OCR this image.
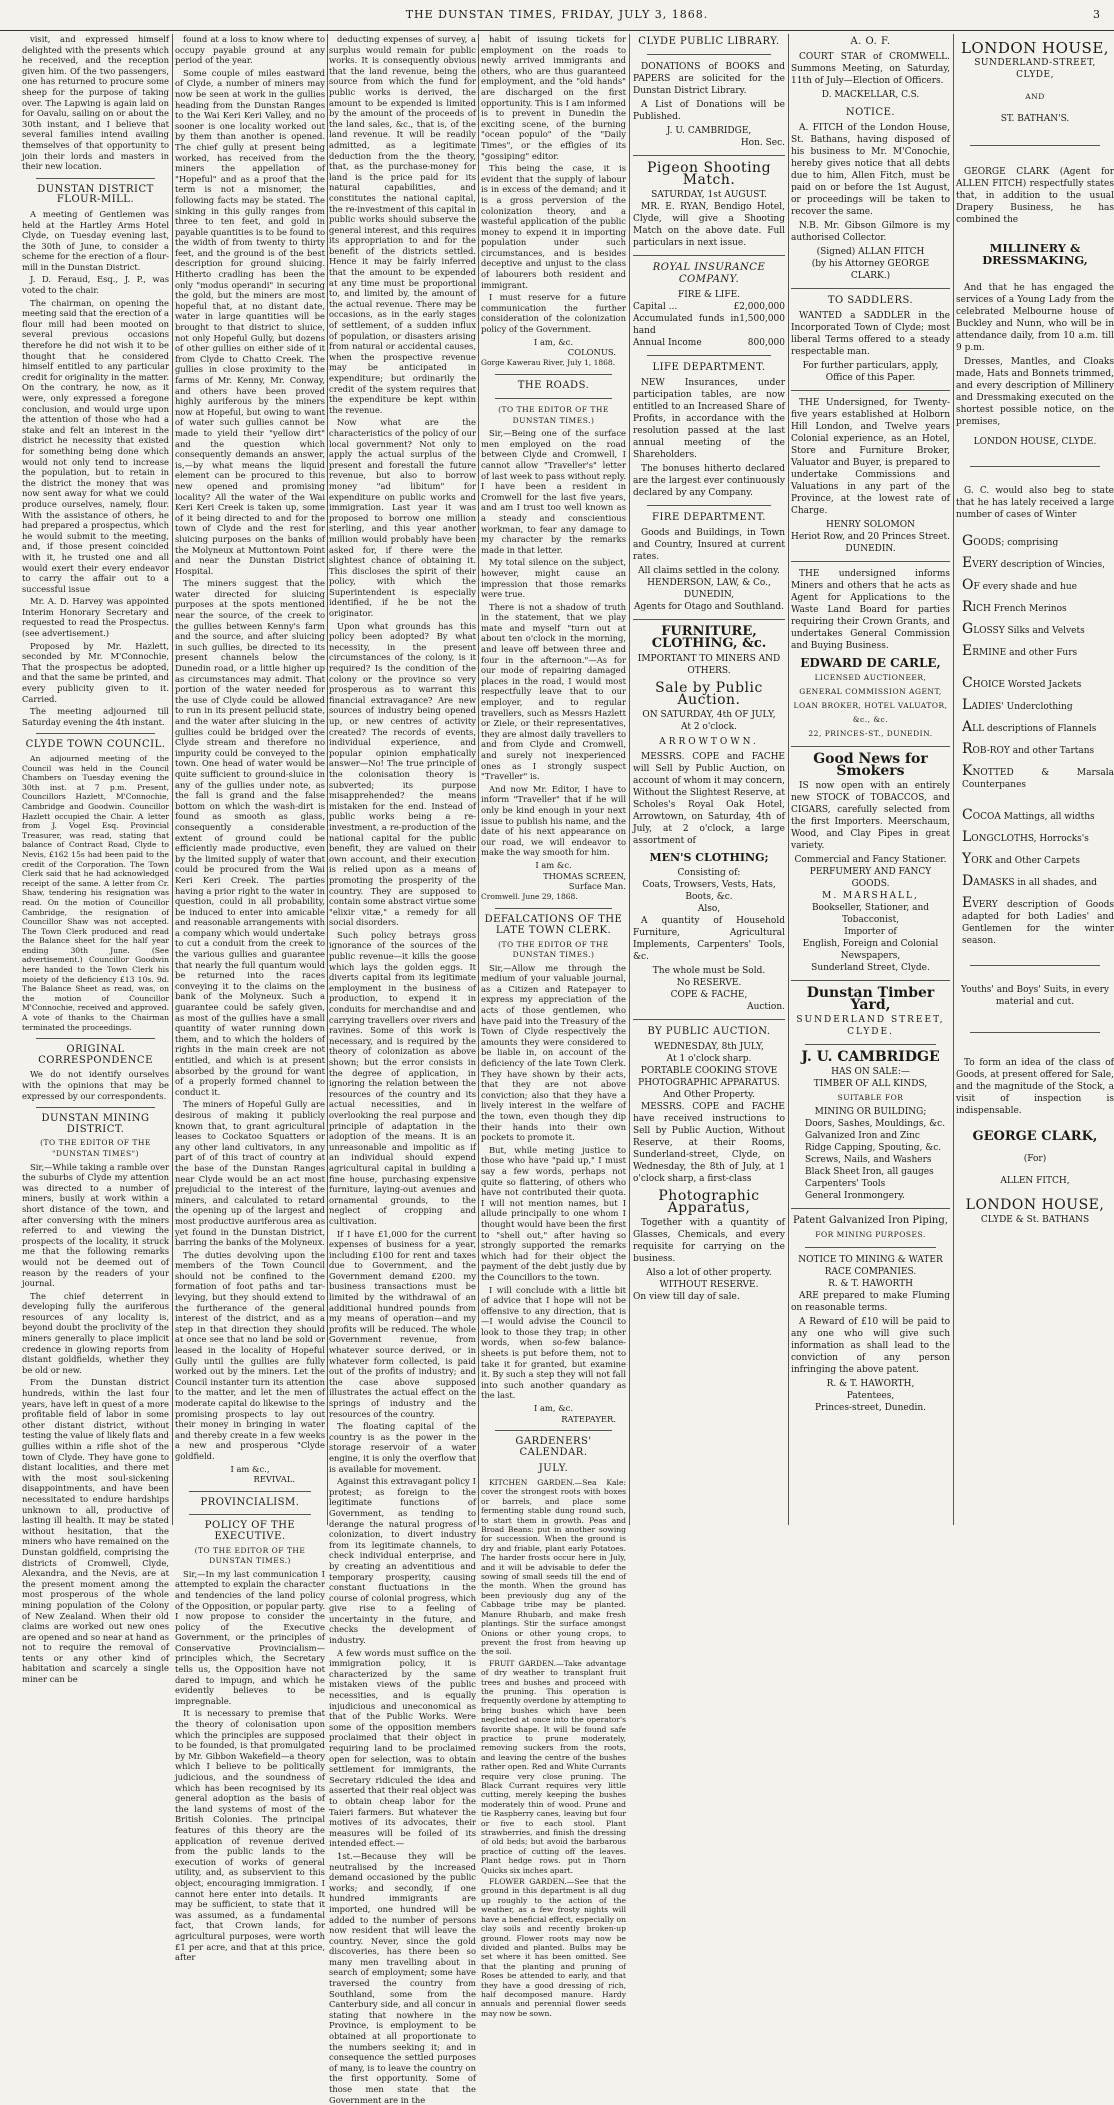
THE DUNSTAN TIMES, FRIDAY, JULY 3, 1868.	3

visit, and expressed himself delighted with the presents which he received, and the reception given him. Of the two passengers, one has returned to procure some sheep for the purpose of taking over. The Lapwing is again laid on for Oavalu, sailing on or about the 30th instant, and I believe that several families intend availing themselves of that opportunity to join their lords and masters in their new location.

DUNSTAN DISTRICT FLOUR-MILL.

A meeting of Gentlemen was held at the Hartley Arms Hotel Clyde, on Tuesday evening last, the 30th of June, to consider a scheme for the erection of a flour-mill in the Dunstan District.

J. D. Feraud, Esq., J. P., was voted to the chair.

The chairman, on opening the meeting said that the erection of a flour mill had been mooted on several previous occasions therefore he did not wish it to be thought that he considered himself entitled to any particular credit for originality in the matter. On the contrary, he now, as it were, only expressed a foregone conclusion, and would urge upon the attention of those who had a stake and felt an interest in the district he necessity that existed for something being done which would not only tend to increase the population, but to retain in the district the money that was now sent away for what we could produce ourselves, namely, flour. With the assistance of others, he had prepared a prospectus, which he would submit to the meeting, and, if those present coincided with it, he trusted one and all would exert their every endeavor to carry the affair out to a successful issue

Mr. A. D. Harvey was appointed Interim Honorary Secretary and requested to read the Prospectus. (see advertisement.)

Proposed by Mr. Hazlett, seconded by Mr. M'Connochie, That the prospectus be adopted, and that the same be printed, and every publicity given to it. Carried.

The meeting adjourned till Saturday evening the 4th instant.

CLYDE TOWN COUNCIL.

An adjourned meeting of the Council was held in the Council Chambers on Tuesday evening the 30th inst. at 7 p.m. Present, Councillors Hazlett, M'Connochie, Cambridge and Goodwin. Councillor Hazlett occupied the Chair. A letter from J. Vogel Esq. Provincial Treasurer, was read, stating that balance of Contract Road, Clyde to Nevis, £162 15s had been paid to the credit of the Corporation. The Town Clerk said that he had acknowledged receipt of the same. A letter from Cr. Shaw, tendering his resignation was read. On the motion of Councillor Cambridge, the resignation of Councillor Shaw was not accepted. The Town Clerk produced and read the Balance sheet for the half year ending 30th June. (See advertisement.) Councillor Goodwin here handed to the Town Clerk his moiety of the deficiency £13 10s. 9d. The Balance Sheet as read, was, on the motion of Councillor M'Connochie, received and approved. A vote of thanks to the Chairman terminated the proceedings.

ORIGINAL CORRESPONDENCE

We do not identify ourselves with the opinions that may be expressed by our correspondents.

DUNSTAN MINING DISTRICT.
(TO THE EDITOR OF THE "DUNSTAN TIMES")

Sir,—While taking a ramble over the suburbs of Clyde my attention was directed to a number of miners, busily at work within a short distance of the town, and after conversing with the miners referred to and viewing the prospects of the locality, it struck me that the following remarks would not be deemed out of reason by the readers of your journal.

The chief deterrent in developing fully the auriferous resources of any locality is, beyond doubt the proclivity of the miners generally to place implicit credence in glowing reports from distant goldfields, whether they be old or new.

From the Dunstan district hundreds, within the last four years, have left in quest of a more profitable field of labor in some other distant district, without testing the value of likely flats and gullies within a rifle shot of the town of Clyde. They have gone to distant localities, and there met with the most soul-sickening disappointments, and have been necessitated to endure hardships unknown to all, productive of lasting ill health. It may be stated without hesitation, that the miners who have remained on the Dunstan goldfield, comprising the districts of Cromwell, Clyde, Alexandra, and the Nevis, are at the present moment among the most prosperous of the whole mining population of the Colony of New Zealand. When their old claims are worked out new ones are opened and so near at hand as not to require the removal of tents or any other kind of habitation and scarcely a single miner can be

found at a loss to know where to occupy payable ground at any period of the year.

Some couple of miles eastward of Clyde, a number of miners may now be seen at work in the gullies heading from the Dunstan Ranges to the Wai Keri Keri Valley, and no sooner is one locality worked out by them than another is opened. The chief gully at present being worked, has received from the miners the appellation of "Hopeful" and as a proof that the term is not a misnomer, the following facts may be stated. The sinking in this gully ranges from three to ten feet, and gold in payable quantities is to be found to the width of from twenty to thirty feet, and the ground is of the best description for ground sluicing. Hitherto cradling has been the only "modus operandi" in securing the gold, but the miners are most hopeful that, at no distant date, water in large quantities will be brought to that district to sluice, not only Hopeful Gully, but dozens of other gullies on either side of it from Clyde to Chatto Creek. The gullies in close proximity to the farms of Mr. Kenny, Mr. Conway, and others have been proved highly auriferous by the miners now at Hopeful, but owing to want of water such gullies cannot be made to yield their "yellow dirt" and the question which consequently demands an answer, is,—by what means the liquid element can be procured to this new opened and promising locality? All the water of the Wai Keri Keri Creek is taken up, some of it being directed to and for the town of Clyde and the rest for sluicing purposes on the banks of the Molyneux at Muttontown Point and near the Dunstan District Hospital.

The miners suggest that the water directed for sluicing purposes at the spots mentioned near the source, of the creek to the gullies between Kenny's farm and the source, and after sluicing in such gullies, be directed to its present channels below the Dunedin road, or a little higher up as circumstances may admit. That portion of the water needed for the use of Clyde could be allowed to run in its present pellucid state, and the water after sluicing in the gullies could be bridged over the Clyde stream and therefore no impurity could be conveyed to the town. One head of water would be quite sufficient to ground-sluice in any of the gullies under note, as the fall is grand and the false bottom on which the wash-dirt is found as smooth as glass, consequently a considerable extent of ground could be efficiently made productive, even by the limited supply of water that could be procured from the Wai Keri Keri Creek. The parties having a prior right to the water in question, could in all probability, be induced to enter into amicable and reasonable arrangements with a company which would undertake to cut a conduit from the creek to the various gullies and guarantee that nearly the full quantum would be returned into the races conveying it to the claims on the bank of the Molyneux. Such a guarantee could be safely given, as most of the gullies have a small quantity of water running down them, and to which the holders of rights in the main creek are not entitled, and which is at present absorbed by the ground for want of a properly formed channel to conduct it.

The miners of Hopeful Gully are desirous of making it publicly known that, to grant agricultural leases to Cockatoo Squatters or any other land cultivators, in any part of of this tract of country at the base of the Dunstan Ranges near Clyde would be an act most prejudicial to the interest of the miners, and calculated to retard the opening up of the largest and most productive auriferous area as yet found in the Dunstan District, barring the banks of the Molyneux.

The duties devolving upon the members of the Town Council should not be confined to the formation of foot paths and tar-levying, but they should extend to the furtherance of the general interest of the district, and as a step in that direction they should at once see that no land be sold or leased in the locality of Hopeful Gully until the gullies are fully worked out by the miners. Let the Council instanter turn its attention to the matter, and let the men of moderate capital do likewise to the promising prospects to lay out their money in bringing in water and thereby create in a few weeks a new and prosperous "Clyde goldfield.

I am &c.,
REVIVAL.
PROVINCIALISM.
POLICY OF THE EXECUTIVE.
(TO THE EDITOR OF THE DUNSTAN TIMES.)

Sir,—In my last communication I attempted to explain the character and tendencies of the land policy of the Opposition, or popular party. I now propose to consider the policy of the Executive Government, or the principles of Conservative Provincialism—principles which, the Secretary tells us, the Opposition have not dared to impugn, and which he evidently believes to be impregnable.

It is necessary to premise that the theory of colonisation upon which the principles are supposed to be founded, is that promulgated by Mr. Gibbon Wakefield—a theory which I believe to be politically judicious, and the soundness of which has been recognised by its general adoption as the basis of the land systems of most of the British Colonies. The principal features of this theory are the application of revenue derived from the public lands to the execution of works of general utility, and, as subservient to this object, encouraging immigration. I cannot here enter into details. It may be sufficient, to state that it was assumed, as a fundamental fact, that Crown lands, for agricultural purposes, were worth £1 per acre, and that at this price, after

deducting expenses of survey, a surplus would remain for public works. It is consequently obvious that the land revenue, being the source from which the fund for public works is derived, the amount to be expended is limited by the amount of the proceeds of the land sales, &c., that is, of the land revenue. It will be readily admitted, as a legitimate deduction from the the theory, that, as the purchase-money for land is the price paid for its natural capabilities, and constitutes the national capital, the re-investment of this capital in public works should subserve the general interest, and this requires its appropriation to and for the benefit of the districts settled. Hence it may be fairly inferred that the amount to be expended at any time must be proportional to, and limited by, the amount of the actual revenue. There may be occasions, as in the early stages of settlement, of a sudden influx of population, or disasters arising from natural or accidental causes, when the prospective revenue may be anticipated in expenditure; but ordinarily the credit of the system requires that the expenditure be kept within the revenue.

Now what are the characteristics of the policy of our local government? Not only to apply the actual surplus of the present and forestall the future revenue, but also to borrow money "ad libitum" for expenditure on public works and immigration. Last year it was proposed to borrow one million sterling, and this year another million would probably have been asked for, if there were the slightest chance of obtaining it. This discloses the spirit of their policy, with which the Superintendent is especially identified, if he be not the originator.

Upon what grounds has this policy been adopted? By what necessity, in the present circumstances of the colony, is it required? Is the condition of the colony or the province so very prosperous as to warrant this financial extravagance? Are new sources of industry being opened up, or new centres of activity created? The records of events, individual experience, and popular opinion emphatically answer—No! The true principle of the colonisation theory is subverted; its purpose misapprehended? the means mistaken for the end. Instead of public works being a re-investment, a re-production of the national capital for the public benefit, they are valued on their own account, and their execution is relied upon as a means of promoting the prosperity of the country. They are supposed to contain some abstract virtue some "elixir vitæ," a remedy for all social disorders.

Such policy betrays gross ignorance of the sources of the public revenue—it kills the goose which lays the golden eggs. It diverts capital from its legitimate employment in the business of production, to expend it in conduits for merchandise and and carrying travellers over rivers and ravines. Some of this work is necessary, and is required by the theory of colonization as above shown; but the error consists in the degree of application, in ignoring the relation between the resources of the country and its actual necessities, and in overlooking the real purpose and principle of adaptation in the adoption of the means. It is an unreasonable and impolitic as if an individual should expend agricultural capital in building a fine house, purchasing expensive furniture, laying-out avenues and ornamental grounds, to the neglect of cropping and cultivation.

If I have £1,000 for the current expenses of business for a year, including £100 for rent and taxes due to Government, and the Government demand £200. my business transactions must be limited by the withdrawal of an additional hundred pounds from my means of operation—and my profits will be reduced. The whole Government revenue, from whatever source derived, or in whatever form collected, is paid out of the profits of industry; and the case above supposed illustrates the actual effect on the springs of industry and the resources of the country.

The floating capital of the country is as the power in the storage reservoir of a water engine, it is only the overflow that is available for movement.

Against this extravagant policy I protest; as foreign to the legitimate functions of Government, as tending to derange the natural progress of colonization, to divert industry from its legitimate channels, to check individual enterprise, and by creating an adventitious and temporary prosperity, causing constant fluctuations in the course of colonial progress, which give rise to a feeling of uncertainty in the future, and checks the development of industry.

A few words must suffice on the immigration policy, it is characterized by the same mistaken views of the public necessities, and is equally injudicious and uneconomical as that of the Public Works. Were some of the opposition members proclaimed that their object in requiring land to be proclaimed open for selection, was to obtain settlement for immigrants, the Secretary ridiculed the idea and asserted that their real object was to obtain cheap labor for the Taieri farmers. But whatever the motives of its advocates, their measures will be foiled of its intended effect.—

1st.—Because they will be neutralised by the increased demand occasioned by the public works; and secondly, if one hundred immigrants are imported, one hundred will be added to the number of persons now resident that will leave the country. Never, since the gold discoveries, has there been so many men travelling about in search of employment; some have traversed the country from Southland, some from the Canterbury side, and all concur in stating that nowhere in the Province, is employment to be obtained at all proportionate to the numbers seeking it; and in consequence the settled purposes of many, is to leave the country on the first opportunity. Some of those men state that the Government are in the

habit of issuing tickets for employment on the roads to newly arrived immigrants and others, who are thus guaranteed employment, and the "old hands" are discharged on the first opportunity. This is I am informed is to prevent in Dunedin the exciting scene, of the burning "ocean populo" of the "Daily Times", or the effigies of its "gossiping" editor.

This being the case, it is evident that the supply of labour is in excess of the demand; and it is a gross perversion of the colonization theory, and a wasteful application of the public money to expend it in importing population under such circumstances, and is besides deceptive and unjust to the class of labourers both resident and immigrant.

I must reserve for a future communication the further consideration of the colonization policy of the Government.

I am, &c.
COLONUS.
Gorge Kawerau River, July 1, 1868.
THE ROADS.
(TO THE EDITOR OF THE DUNSTAN TIMES.)

Sir,—Being one of the surface men employed on the road between Clyde and Cromwell, I cannot allow "Traveller's" letter of last week to pass without reply. I have been a resident in Cromwell for the last five years, and am I trust too well known as a steady and conscientious workman, to fear any damage to my character by the remarks made in that letter.

My total silence on the subject, however, might cause an impression that those remarks were true.

There is not a shadow of truth in the statement, that we play mate and myself "turn out at about ten o'clock in the morning, and leave off between three and four in the afternoon."—As for our mode of repairing damaged places in the road, I would most respectfully leave that to our employer, and to regular travellers, such as Messrs Hazlett or Ziele, or their representatives, they are almost daily travellers to and from Clyde and Cromwell, and surely not inexperienced ones as I strongly suspect "Traveller" is.

And now Mr. Editor, I have to inform "Traveller" that if he will only be kind enough in your next issue to publish his name, and the date of his next appearance on our road, we will endeavor to make the way smooth for him.

I am &c.
THOMAS SCREEN,
Surface Man.
Cromwell. June 29, 1868.
DEFALCATIONS OF THE LATE TOWN CLERK.
(TO THE EDITOR OF THE DUNSTAN TIMES.)

Sir,—Allow me through the medium of your valuable journal, as a Citizen and Ratepayer to express my appreciation of the acts of those gentlemen, who have paid into the Treasury of the Town of Clyde respectively the amounts they were considered to be liable in, on account of the deficiency of the late Town Clerk. They have shown by their acts, that they are not above conviction; also that they have a lively interest in the welfare of the town, even though they dip their hands into their own pockets to promote it.

But, while meting justice to those who have "paid up," I must say a few words, perhaps not quite so flattering, of others who have not contributed their quota. I will not mention names, but I allude principally to one whom I thought would have been the first to "shell out," after having so strongly supported the remarks which had for their object the payment of the debt justly due by the Councillors to the town.

I will conclude with a little bit of advice that I hope will not be offensive to any direction, that is—I would advise the Council to look to those they trap; in other words, when so-few balance-sheets is put before them, not to take it for granted, but examine it. By such a step they will not fall into such another quandary as the last.

I am, &c.
RATEPAYER.
GARDENERS' CALENDAR.
JULY.

KITCHEN GARDEN.—Sea Kale: cover the strongest roots with boxes or barrels, and place some fermenting stable dung round such, to start them in growth. Peas and Broad Beans: put in another sowing for succession. When the ground is dry and friable, plant early Potatoes. The harder frosts occur here in July, and it will be advisable to defer the sowing of small seeds till the end of the month. When the ground has been previously dug any of the Cabbage tribe may be planted. Manure Rhubarb, and make fresh plantings. Stir the surface amongst Onions or other young crops, to prevent the frost from heaving up the soil.

FRUIT GARDEN.—Take advantage of dry weather to transplant fruit trees and bushes and proceed with the pruning. This operation is frequently overdone by attempting to bring bushes which have been neglected at once into the operator's favorite shape. It will be found safe practice to prune moderately, removing suckers from the roots, and leaving the centre of the bushes rather open. Red and White Currants require very close pruning. The Black Currant requires very little cutting, merely keeping the bushes moderately thin of wood. Prune and tie Raspberry canes, leaving but four or five to each stool. Plant strawberries, and finish the dressing of old beds; but avoid the barbarous practice of cutting off the leaves. Plant hedge rows. put in Thorn Quicks six inches apart.

FLOWER GARDEN.—See that the ground in this department is all dug up roughly to the action of the weather, as a few frosty nights will have a beneficial effect, especially on clay soils and recently broken-up ground. Flower roots may now be divided and planted. Bulbs may be set where it has been omitted. See that the planting and pruning of Roses be attended to early, and that they have a good dressing of rich, half decomposed manure. Hardy annuals and perennial flower seeds may now be sown.

CLYDE PUBLIC LIBRARY.

DONATIONS of BOOKS and PAPERS are solicited for the Dunstan District Library.

A List of Donations will be Published.

J. U. CAMBRIDGE,
Hon. Sec.
Pigeon Shooting Match.
SATURDAY, 1st AUGUST.

MR. E. RYAN, Bendigo Hotel, Clyde, will give a Shooting Match on the above date. Full particulars in next issue.

ROYAL INSURANCE COMPANY.
FIRE & LIFE.
Capital ...	£2,000,000
Accumulated funds in hand
1,500,000
Annual Income	800,000
LIFE DEPARTMENT.

NEW Insurances, under participation tables, are now entitled to an Increased Share of Profits, in accordance with the resolution passed at the last annual meeting of the Shareholders.

The bonuses hitherto declared are the largest ever continuously declared by any Company.

FIRE DEPARTMENT.

Goods and Buildings, in Town and Country, Insured at current rates.

All claims settled in the colony.
HENDERSON, LAW, & Co.,
DUNEDIN,
Agents for Otago and Southland.
FURNITURE, CLOTHING, &c.
IMPORTANT TO MINERS AND OTHERS.
Sale by Public Auction.
ON SATURDAY, 4th OF JULY,
At 2 o'clock.
ARROWTOWN.

MESSRS. COPE and FACHE will Sell by Public Auction, on account of whom it may concern, Without the Slightest Reserve, at Scholes's Royal Oak Hotel, Arrowtown, on Saturday, 4th of July, at 2 o'clock, a large assortment of

MEN'S CLOTHING;
Consisting of:
Coats, Trowsers, Vests, Hats, Boots, &c.
Also,

A quantity of Household Furniture, Agricultural Implements, Carpenters' Tools, &c.

The whole must be Sold.
No RESERVE.
COPE & FACHE,
Auction.
BY PUBLIC AUCTION.
WEDNESDAY, 8th JULY,
At 1 o'clock sharp.
PORTABLE COOKING STOVE
PHOTOGRAPHIC APPARATUS.
And Other Property.

MESSRS. COPE and FACHE have received instructions to Sell by Public Auction, Without Reserve, at their Rooms, Sunderland-street, Clyde, on Wednesday, the 8th of July, at 1 o'clock sharp, a first-class

Photographic Apparatus,

Together with a quantity of Glasses, Chemicals, and every requisite for carrying on the business.

Also a lot of other property.
WITHOUT RESERVE.
On view till day of sale.
A. O. F.

COURT STAR of CROMWELL. Summons Meeting, on Saturday, 11th of July—Election of Officers.

D. MACKELLAR, C.S.
NOTICE.

A. FITCH of the London House, St. Bathans, having disposed of his business to Mr. M'Conochie, hereby gives notice that all debts due to him, Allen Fitch, must be paid on or before the 1st August, or proceedings will be taken to recover the same.

N.B. Mr. Gibson Gilmore is my authorised Collector.

(Signed) ALLAN FITCH
(by his Attorney GEORGE CLARK.)
TO SADDLERS.

WANTED a SADDLER in the Incorporated Town of Clyde; most liberal Terms offered to a steady respectable man.

For further particulars, apply, Office of this Paper.

THE Undersigned, for Twenty-five years established at Holborn Hill London, and Twelve years Colonial experience, as an Hotel, Store and Furniture Broker, Valuator and Buyer, is prepared to undertake Commissions and Valuations in any part of the Province, at the lowest rate of Charge.

HENRY SOLOMON
Heriot Row, and 20 Princes Street.
DUNEDIN.

THE undersigned informs Miners and others that he acts as Agent for Applications to the Waste Land Board for parties requiring their Crown Grants, and undertakes General Commission and Buying Business.

EDWARD DE CARLE,
LICENSED AUCTIONEER,
GENERAL COMMISSION AGENT,
LOAN BROKER, HOTEL VALUATOR,
&c., &c.
22, PRINCES-ST., DUNEDIN.
Good News for Smokers

IS now open with an entirely new STOCK of TOBACCOS, and CIGARS, carefully selected from the first Importers. Meerschaum, Wood, and Clay Pipes in great variety.

Commercial and Fancy Stationer.
PERFUMERY AND FANCY GOODS.
M. MARSHALL,
Bookseller, Stationer, and Tobacconist,
Importer of
English, Foreign and Colonial Newspapers,
Sunderland Street, Clyde.
Dunstan Timber Yard,
SUNDERLAND STREET,
CLYDE.
J. U. CAMBRIDGE
HAS ON SALE:—
TIMBER OF ALL KINDS,
SUITABLE FOR
MINING OR BUILDING;
Doors, Sashes, Mouldings, &c.
Galvanized Iron and Zinc
Ridge Capping, Spouting, &c.
Screws, Nails, and Washers
Black Sheet Iron, all gauges
Carpenters' Tools
General Ironmongery.
Patent Galvanized Iron Piping,
FOR MINING PURPOSES.
NOTICE TO MINING & WATER RACE COMPANIES.
R. & T. HAWORTH

ARE prepared to make Fluming on reasonable terms.

A Reward of £10 will be paid to any one who will give such information as shall lead to the conviction of any person infringing the above patent.

R. & T. HAWORTH,
Patentees,
Princes-street, Dunedin.
LONDON HOUSE,
SUNDERLAND-STREET, CLYDE,
AND
ST. BATHAN'S.

GEORGE CLARK (Agent for ALLEN FITCH) respectfully states that, in addition to the usual Drapery Business, he has combined the

MILLINERY & DRESSMAKING,

And that he has engaged the services of a Young Lady from the celebrated Melbourne house of Buckley and Nunn, who will be in attendance daily, from 10 a.m. till 9 p.m.

Dresses, Mantles, and Cloaks made, Hats and Bonnets trimmed, and every description of Millinery and Dressmaking executed on the shortest possible notice, on the premises,

LONDON HOUSE, CLYDE.

G. C. would also beg to state that he has lately received a large number of cases of Winter

GOODS; comprising

EVERY description of Wincies,

OF every shade and hue

RICH French Merinos

GLOSSY Silks and Velvets

ERMINE and other Furs

CHOICE Worsted Jackets

LADIES' Underclothing

ALL descriptions of Flannels

ROB-ROY and other Tartans

KNOTTED & Marsala Counterpanes

COCOA Mattings, all widths

LONGCLOTHS, Horrocks's

YORK and Other Carpets

DAMASKS in all shades, and

EVERY description of Goods adapted for both Ladies' and Gentlemen for the winter season.

Youths' and Boys' Suits, in every material and cut.

To form an idea of the class of Goods, at present offered for Sale, and the magnitude of the Stock, a visit of inspection is indispensable.

GEORGE CLARK,
(For)
ALLEN FITCH,
LONDON HOUSE,
CLYDE & St. BATHANS
